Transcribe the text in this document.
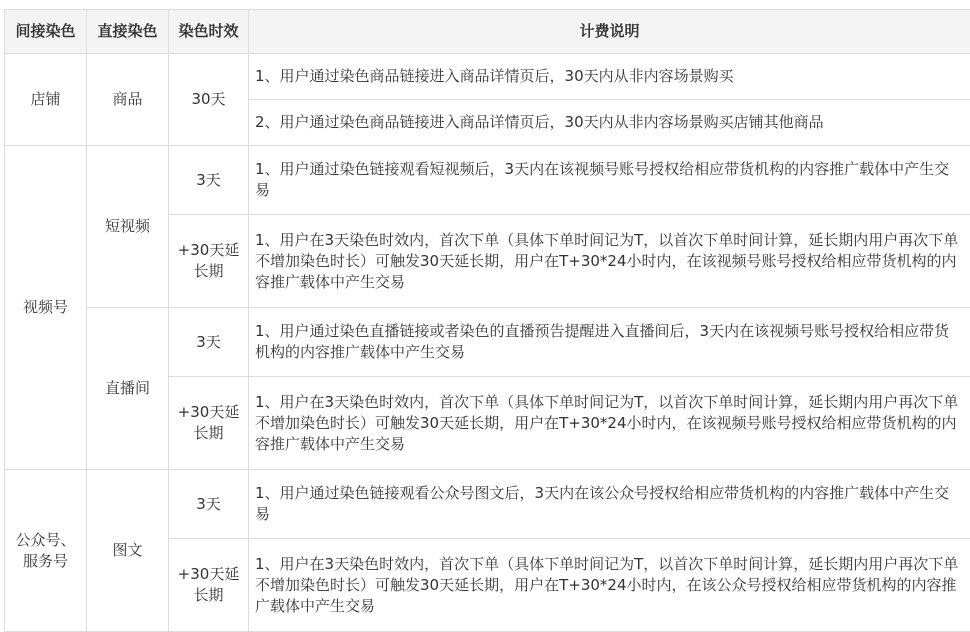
间接染色	直接染色	染色时效	计费说明
店铺	商品	30天	1、用户通过染色商品链接进入商品详情页后，30天内从非内容场景购买
			2、用户通过染色商品链接进入商品详情页后，30天内从非内容场景购买店铺其他商品
视频号	短视频	3天	1、用户通过染色链接观看短视频后，3天内在该视频号账号授权给相应带货机构的内容推广载体中产生交易
		+30天延长期	1、用户在3天染色时效内，首次下单（具体下单时间记为T，以首次下单时间计算，延长期内用户再次下单不增加染色时长）可触发30天延长期，用户在T+30*24小时内，在该视频号账号授权给相应带货机构的内容推广载体中产生交易
	直播间	3天	1、用户通过染色直播链接或者染色的直播预告提醒进入直播间后，3天内在该视频号账号授权给相应带货机构的内容推广载体中产生交易
		+30天延长期	1、用户在3天染色时效内，首次下单（具体下单时间记为T，以首次下单时间计算，延长期内用户再次下单不增加染色时长）可触发30天延长期，用户在T+30*24小时内，在该视频号账号授权给相应带货机构的内容推广载体中产生交易
公众号、服务号	图文	3天	1、用户通过染色链接观看公众号图文后，3天内在该公众号授权给相应带货机构的内容推广载体中产生交易
		+30天延长期	1、用户在3天染色时效内，首次下单（具体下单时间记为T，以首次下单时间计算，延长期内用户再次下单不增加染色时长）可触发30天延长期，用户在T+30*24小时内，在该公众号授权给相应带货机构的内容推广载体中产生交易
